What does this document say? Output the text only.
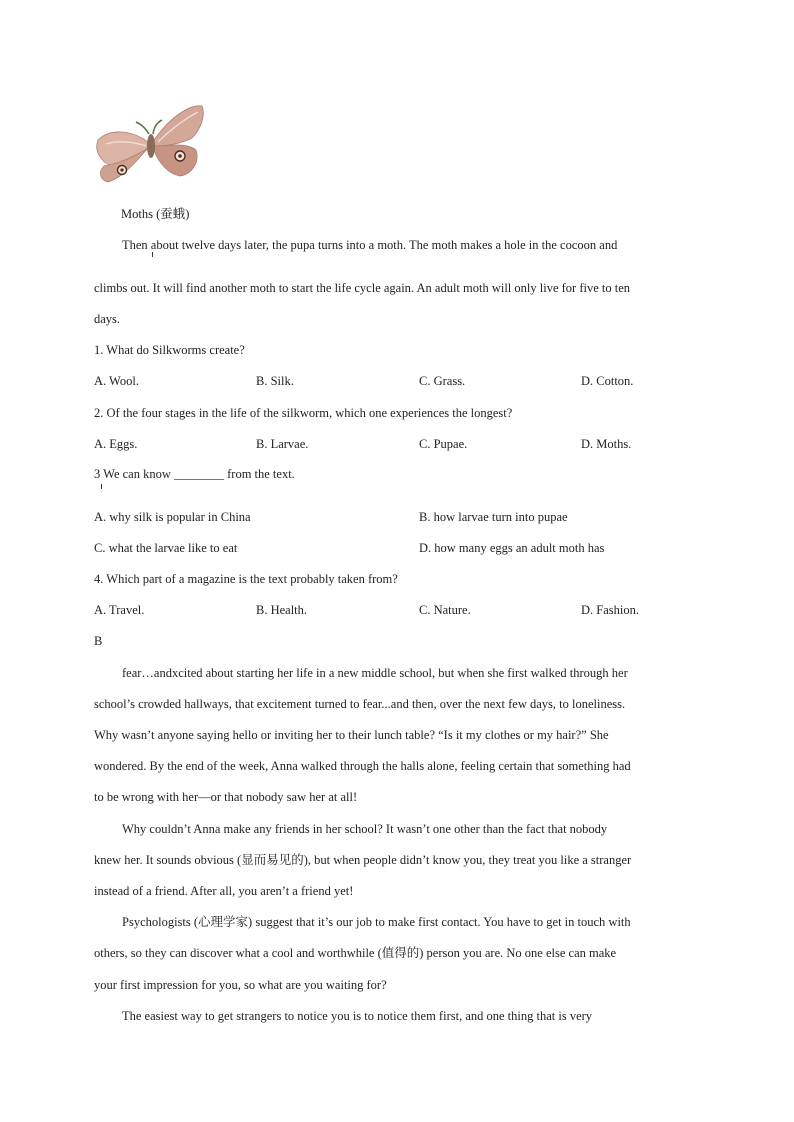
Moths (蚕蛾)
Then about twelve days later, the pupa turns into a moth. The moth makes a hole in the cocoon and
climbs out. It will find another moth to start the life cycle again. An adult moth will only live for five to ten
days.
1. What do Silkworms create?
A. Wool.	B. Silk.	C. Grass.	D. Cotton.
2. Of the four stages in the life of the silkworm, which one experiences the longest?
A. Eggs.	B. Larvae.	C. Pupae.	D. Moths.
3 We can know ________ from the text.
A. why silk is popular in China	B. how larvae turn into pupae
C. what the larvae like to eat	D. how many eggs an adult moth has
4. Which part of a magazine is the text probably taken from?
A. Travel.	B. Health.	C. Nature.	D. Fashion.
B
fear…andxcited about starting her life in a new middle school, but when she first walked through her
school’s crowded hallways, that excitement turned to fear...and then, over the next few days, to loneliness.
Why wasn’t anyone saying hello or inviting her to their lunch table? “Is it my clothes or my hair?” She
wondered. By the end of the week, Anna walked through the halls alone, feeling certain that something had
to be wrong with her—or that nobody saw her at all!
Why couldn’t Anna make any friends in her school? It wasn’t one other than the fact that nobody
knew her. It sounds obvious (显而易见的), but when people didn’t know you, they treat you like a stranger
instead of a friend. After all, you aren’t a friend yet!
Psychologists (心理学家) suggest that it’s our job to make first contact. You have to get in touch with
others, so they can discover what a cool and worthwhile (值得的) person you are. No one else can make
your first impression for you, so what are you waiting for?
The easiest way to get strangers to notice you is to notice them first, and one thing that is very
